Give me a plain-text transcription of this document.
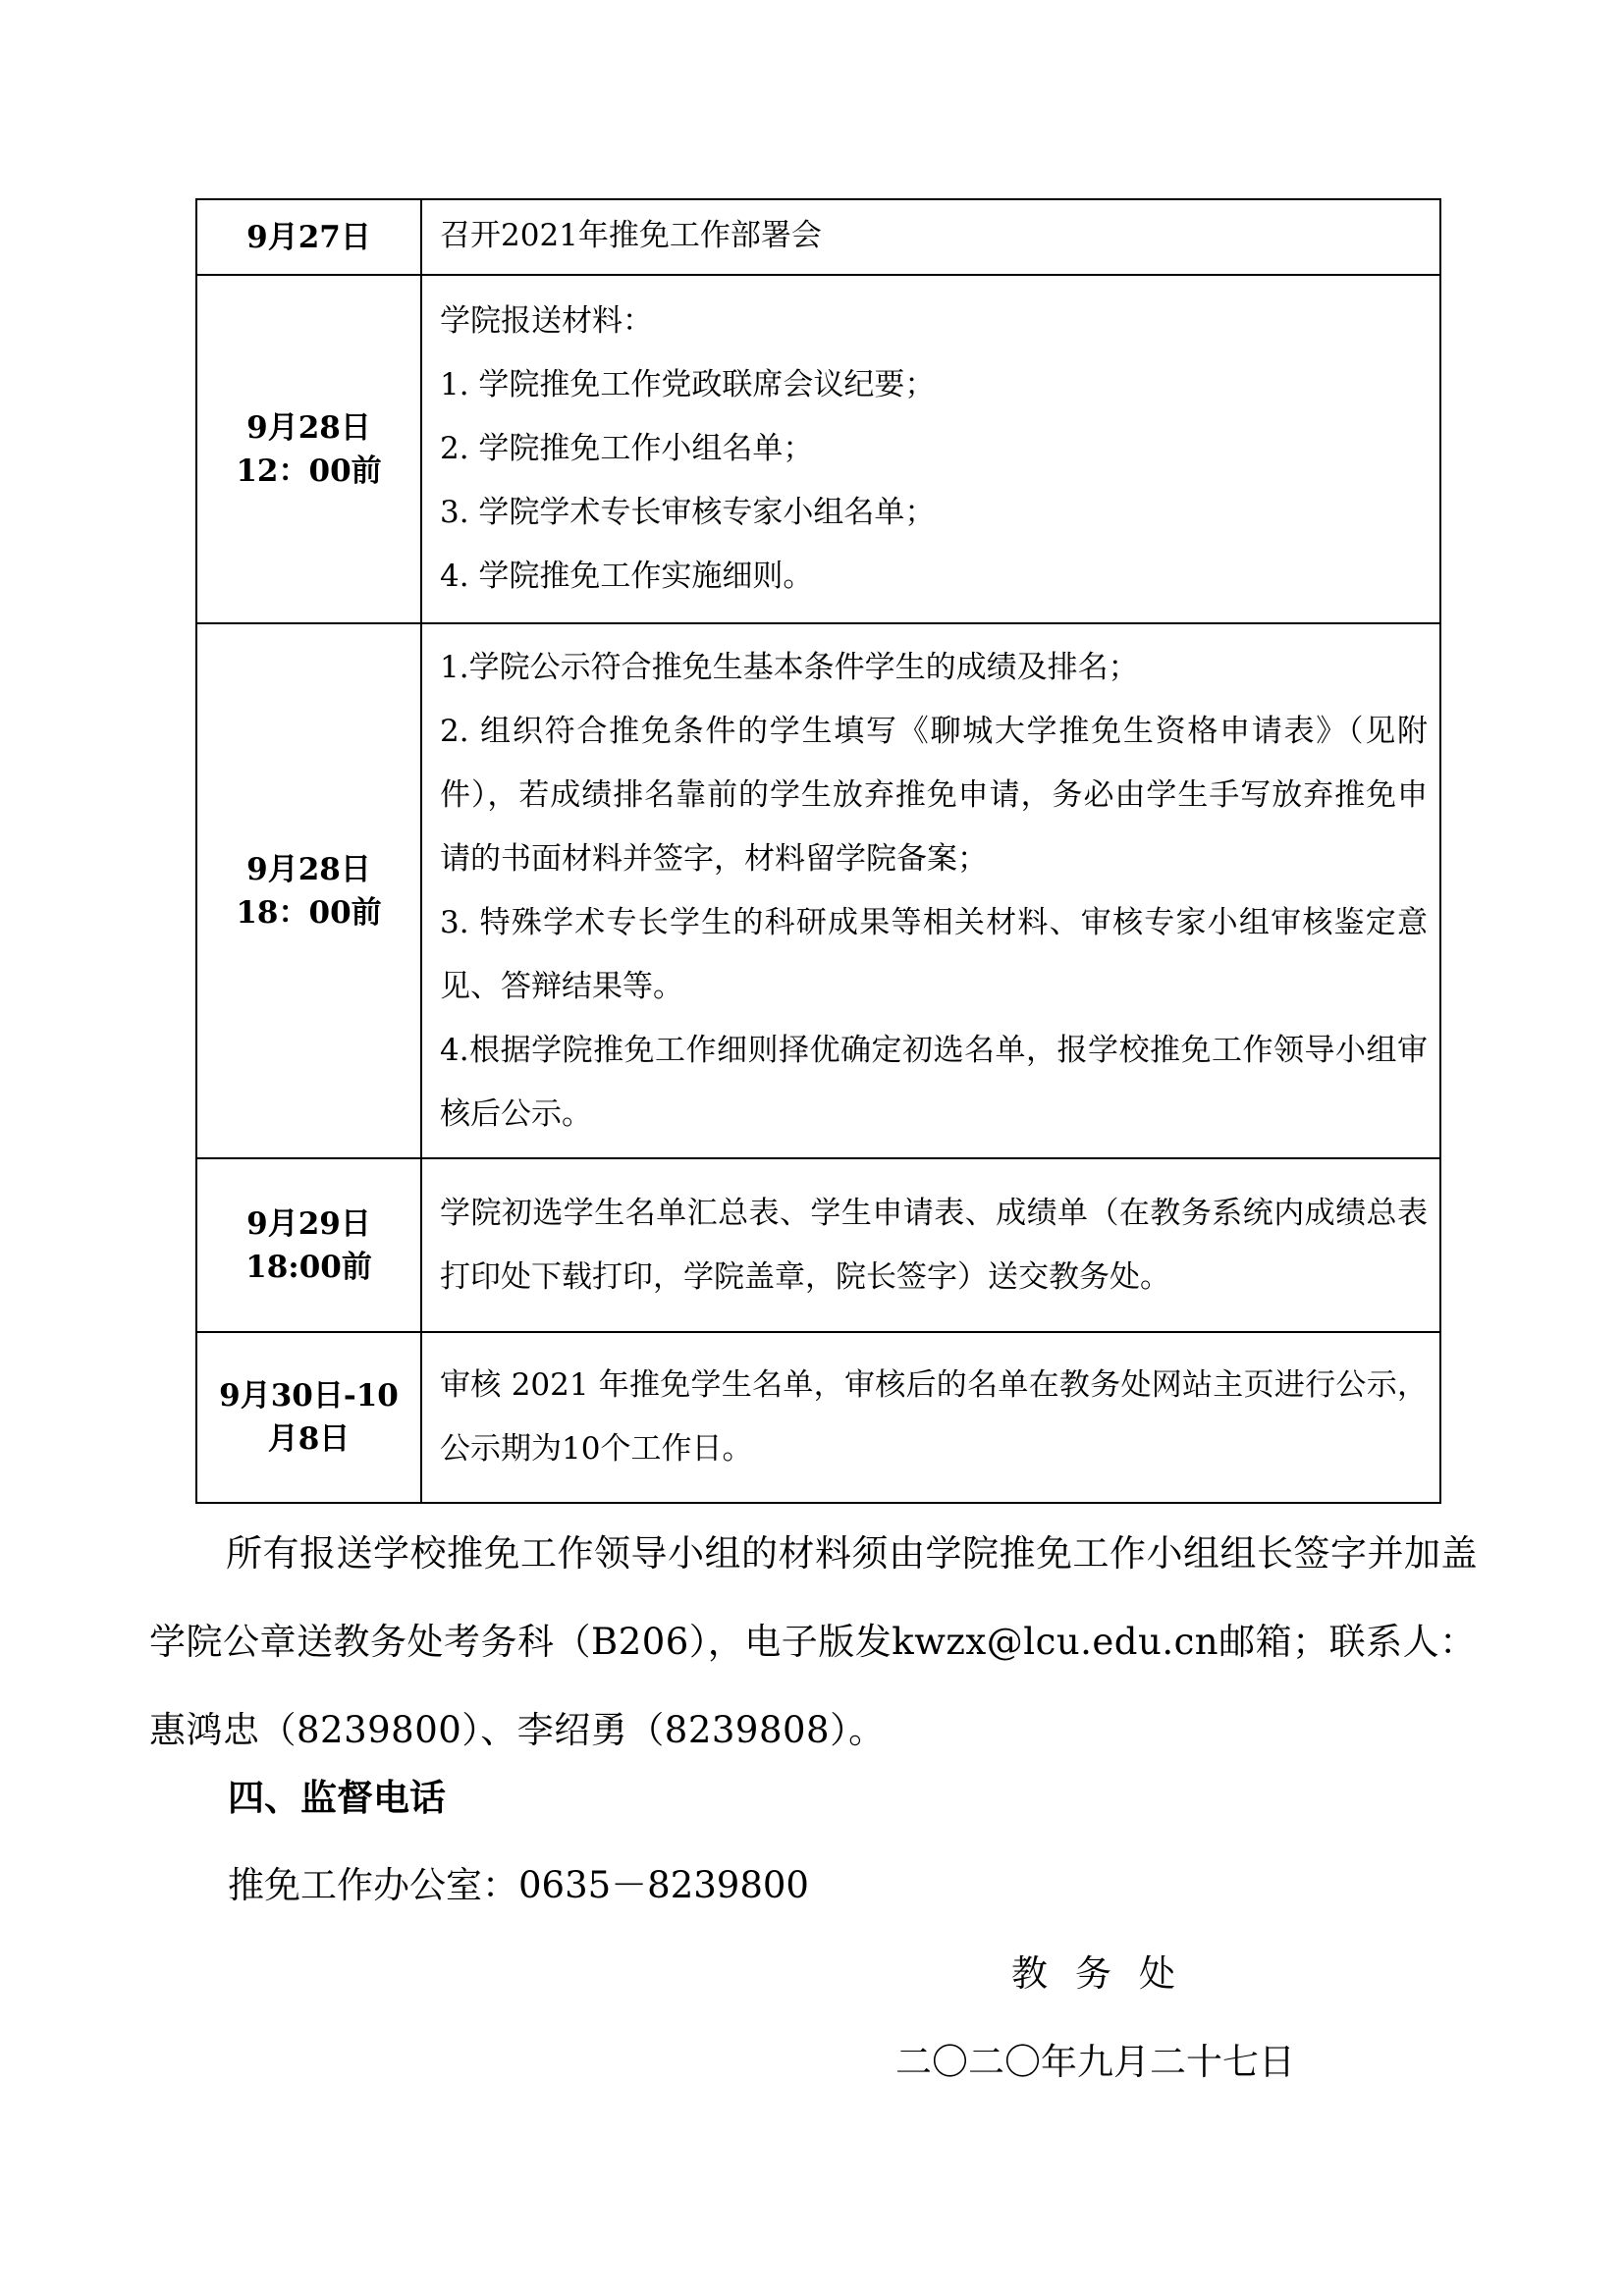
9月27日	召开2021年推免工作部署会

9月28日
12：00前	学院报送材料：
1. 学院推免工作党政联席会议纪要；
2. 学院推免工作小组名单；
3. 学院学术专长审核专家小组名单；
4. 学院推免工作实施细则。

9月28日
18：00前	1.学院公示符合推免生基本条件学生的成绩及排名；
2. 组织符合推免条件的学生填写《聊城大学推免生资格申请表》（见附件），若成绩排名靠前的学生放弃推免申请，务必由学生手写放弃推免申请的书面材料并签字，材料留学院备案；
3. 特殊学术专长学生的科研成果等相关材料、审核专家小组审核鉴定意见、答辩结果等。
4.根据学院推免工作细则择优确定初选名单，报学校推免工作领导小组审核后公示。

9月29日
18:00前	学院初选学生名单汇总表、学生申请表、成绩单（在教务系统内成绩总表打印处下载打印，学院盖章，院长签字）送交教务处。

9月30日-10
月8日	审核 2021 年推免学生名单，审核后的名单在教务处网站主页进行公示，公示期为10个工作日。
所有报送学校推免工作领导小组的材料须由学院推免工作小组组长签字并加盖学院公章送教务处考务科（B206），电子版发kwzx@lcu.edu.cn邮箱；联系人：惠鸿忠（8239800）、李绍勇（8239808）。
四、监督电话
推免工作办公室：0635－8239800
教务处
二〇二〇年九月二十七日
